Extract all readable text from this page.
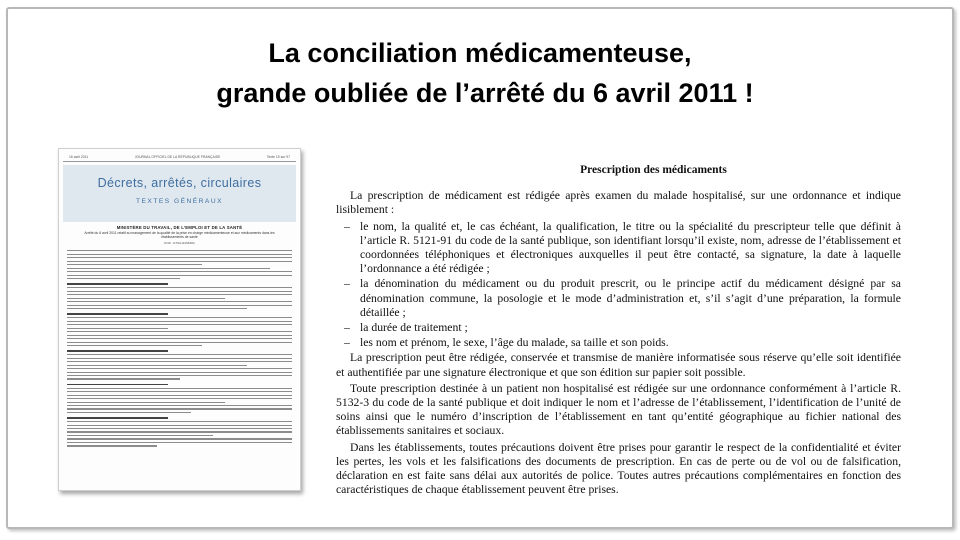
La conciliation médicamenteuse,
grande oubliée de l’arrêté du 6 avril 2011 !
16 avril 2011	JOURNAL OFFICIEL DE LA RÉPUBLIQUE FRANÇAISE	Texte 15 sur 97
Décrets, arrêtés, circulaires
TEXTES GÉNÉRAUX
MINISTÈRE DU TRAVAIL, DE L’EMPLOI ET DE LA SANTÉ
Arrêté du 6 avril 2011 relatif au management de la qualité de la prise en charge médicamenteuse et aux médicaments dans les établissements de santé
NOR : ETSH1109848A
Prescription des médicaments

La prescription de médicament est rédigée après examen du malade hospitalisé, sur une ordonnance et indique lisiblement :

– le nom, la qualité et, le cas échéant, la qualification, le titre ou la spécialité du prescripteur telle que définit à l’article R. 5121-91 du code de la santé publique, son identifiant lorsqu’il existe, nom, adresse de l’établissement et coordonnées téléphoniques et électroniques auxquelles il peut être contacté, sa signature, la date à laquelle l’ordonnance a été rédigée ;
– la dénomination du médicament ou du produit prescrit, ou le principe actif du médicament désigné par sa dénomination commune, la posologie et le mode d’administration et, s’il s’agit d’une préparation, la formule détaillée ;
– la durée de traitement ;
– les nom et prénom, le sexe, l’âge du malade, sa taille et son poids.

La prescription peut être rédigée, conservée et transmise de manière informatisée sous réserve qu’elle soit identifiée et authentifiée par une signature électronique et que son édition sur papier soit possible.

Toute prescription destinée à un patient non hospitalisé est rédigée sur une ordonnance conformément à l’article R. 5132-3 du code de la santé publique et doit indiquer le nom et l’adresse de l’établissement, l’identification de l’unité de soins ainsi que le numéro d’inscription de l’établissement en tant qu’entité géographique au fichier national des établissements sanitaires et sociaux.

Dans les établissements, toutes précautions doivent être prises pour garantir le respect de la confidentialité et éviter les pertes, les vols et les falsifications des documents de prescription. En cas de perte ou de vol ou de falsification, déclaration en est faite sans délai aux autorités de police. Toutes autres précautions complémentaires en fonction des caractéristiques de chaque établissement peuvent être prises.
